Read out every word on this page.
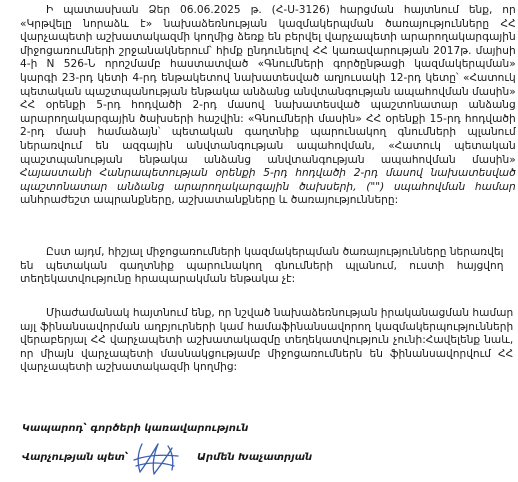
Ի պատասխան Ձեր 06.06.2025 թ. (Հ-Ս-3126) հարցման հայտնում ենք, որ
«Կրթվելը նորաձև է» նախաձեռնության կազմակերպման ծառայությունները ՀՀ
վարչապետի աշխատակազմի կողմից ձեռք են բերվել վարչապետի արարողակարգային
միջոցառումների շրջանակներում՝ հիմք ընդունելով ՀՀ կառավարության 2017թ. մայիսի
4-ի N 526-Ն որոշմամբ հաստատված «Գնումների գործընթացի կազմակերպման»
կարգի 23-րդ կետի 4-րդ ենթակետով նախատեսված աղյուսակի 12-րդ կետը՝ «Հատուկ
պետական պաշտպանության ենթակա անձանց անվտանգության ապահովման մասին»
ՀՀ օրենքի 5-րդ հոդվածի 2-րդ մասով նախատեսված պաշտոնատար անձանց
արարողակարգային ծախսերի հաշվին: «Գնումների մասին» ՀՀ օրենքի 15-րդ հոդվածի
2-րդ մասի համաձայն՝ պետական գաղտնիք պարունակող գնումների պլանում
ներառվում են ազգային անվտանգության ապահովման, «Հատուկ պետական
պաշտպանության ենթակա անձանց անվտանգության ապահովման մասին»
Հայաստանի Հանրապետության օրենքի 5-րդ հոդվածի 2-րդ մասով նախատեսված
պաշտոնատար անձանց արարողակարգային ծախսերի, ("") սպահովման համար
անհրաժեշտ ապրանքները, աշխատանքները և ծառայությունները:
Ըստ այդմ, հիշյալ միջոցառումների կազմակերպման ծառայությունները ներառվել
են պետական գաղտնիք պարունակող գնումների պլանում, ուստի հայցվող
տեղեկատվությունը հրապարակման ենթակա չէ:
Միաժամանակ հայտնում ենք, որ նշված նախաձեռնության իրականացման համար
այլ ֆինանսավորման աղբյուրների կամ համաֆինանսավորող կազմակերպությունների
վերաբերյալ ՀՀ վարչապետի աշխատակազմը տեղեկատվություն չունի:Հավելենք նաև,
որ միայն վարչապետի մասնակցությամբ միջոցառումներն են ֆինանսավորվում ՀՀ
վարչապետի աշխատակազմի կողմից:
Կապարոդ՝ գործերի կառավարություն
Վարչության պետ՝	Արմեն Խաչատրյան
